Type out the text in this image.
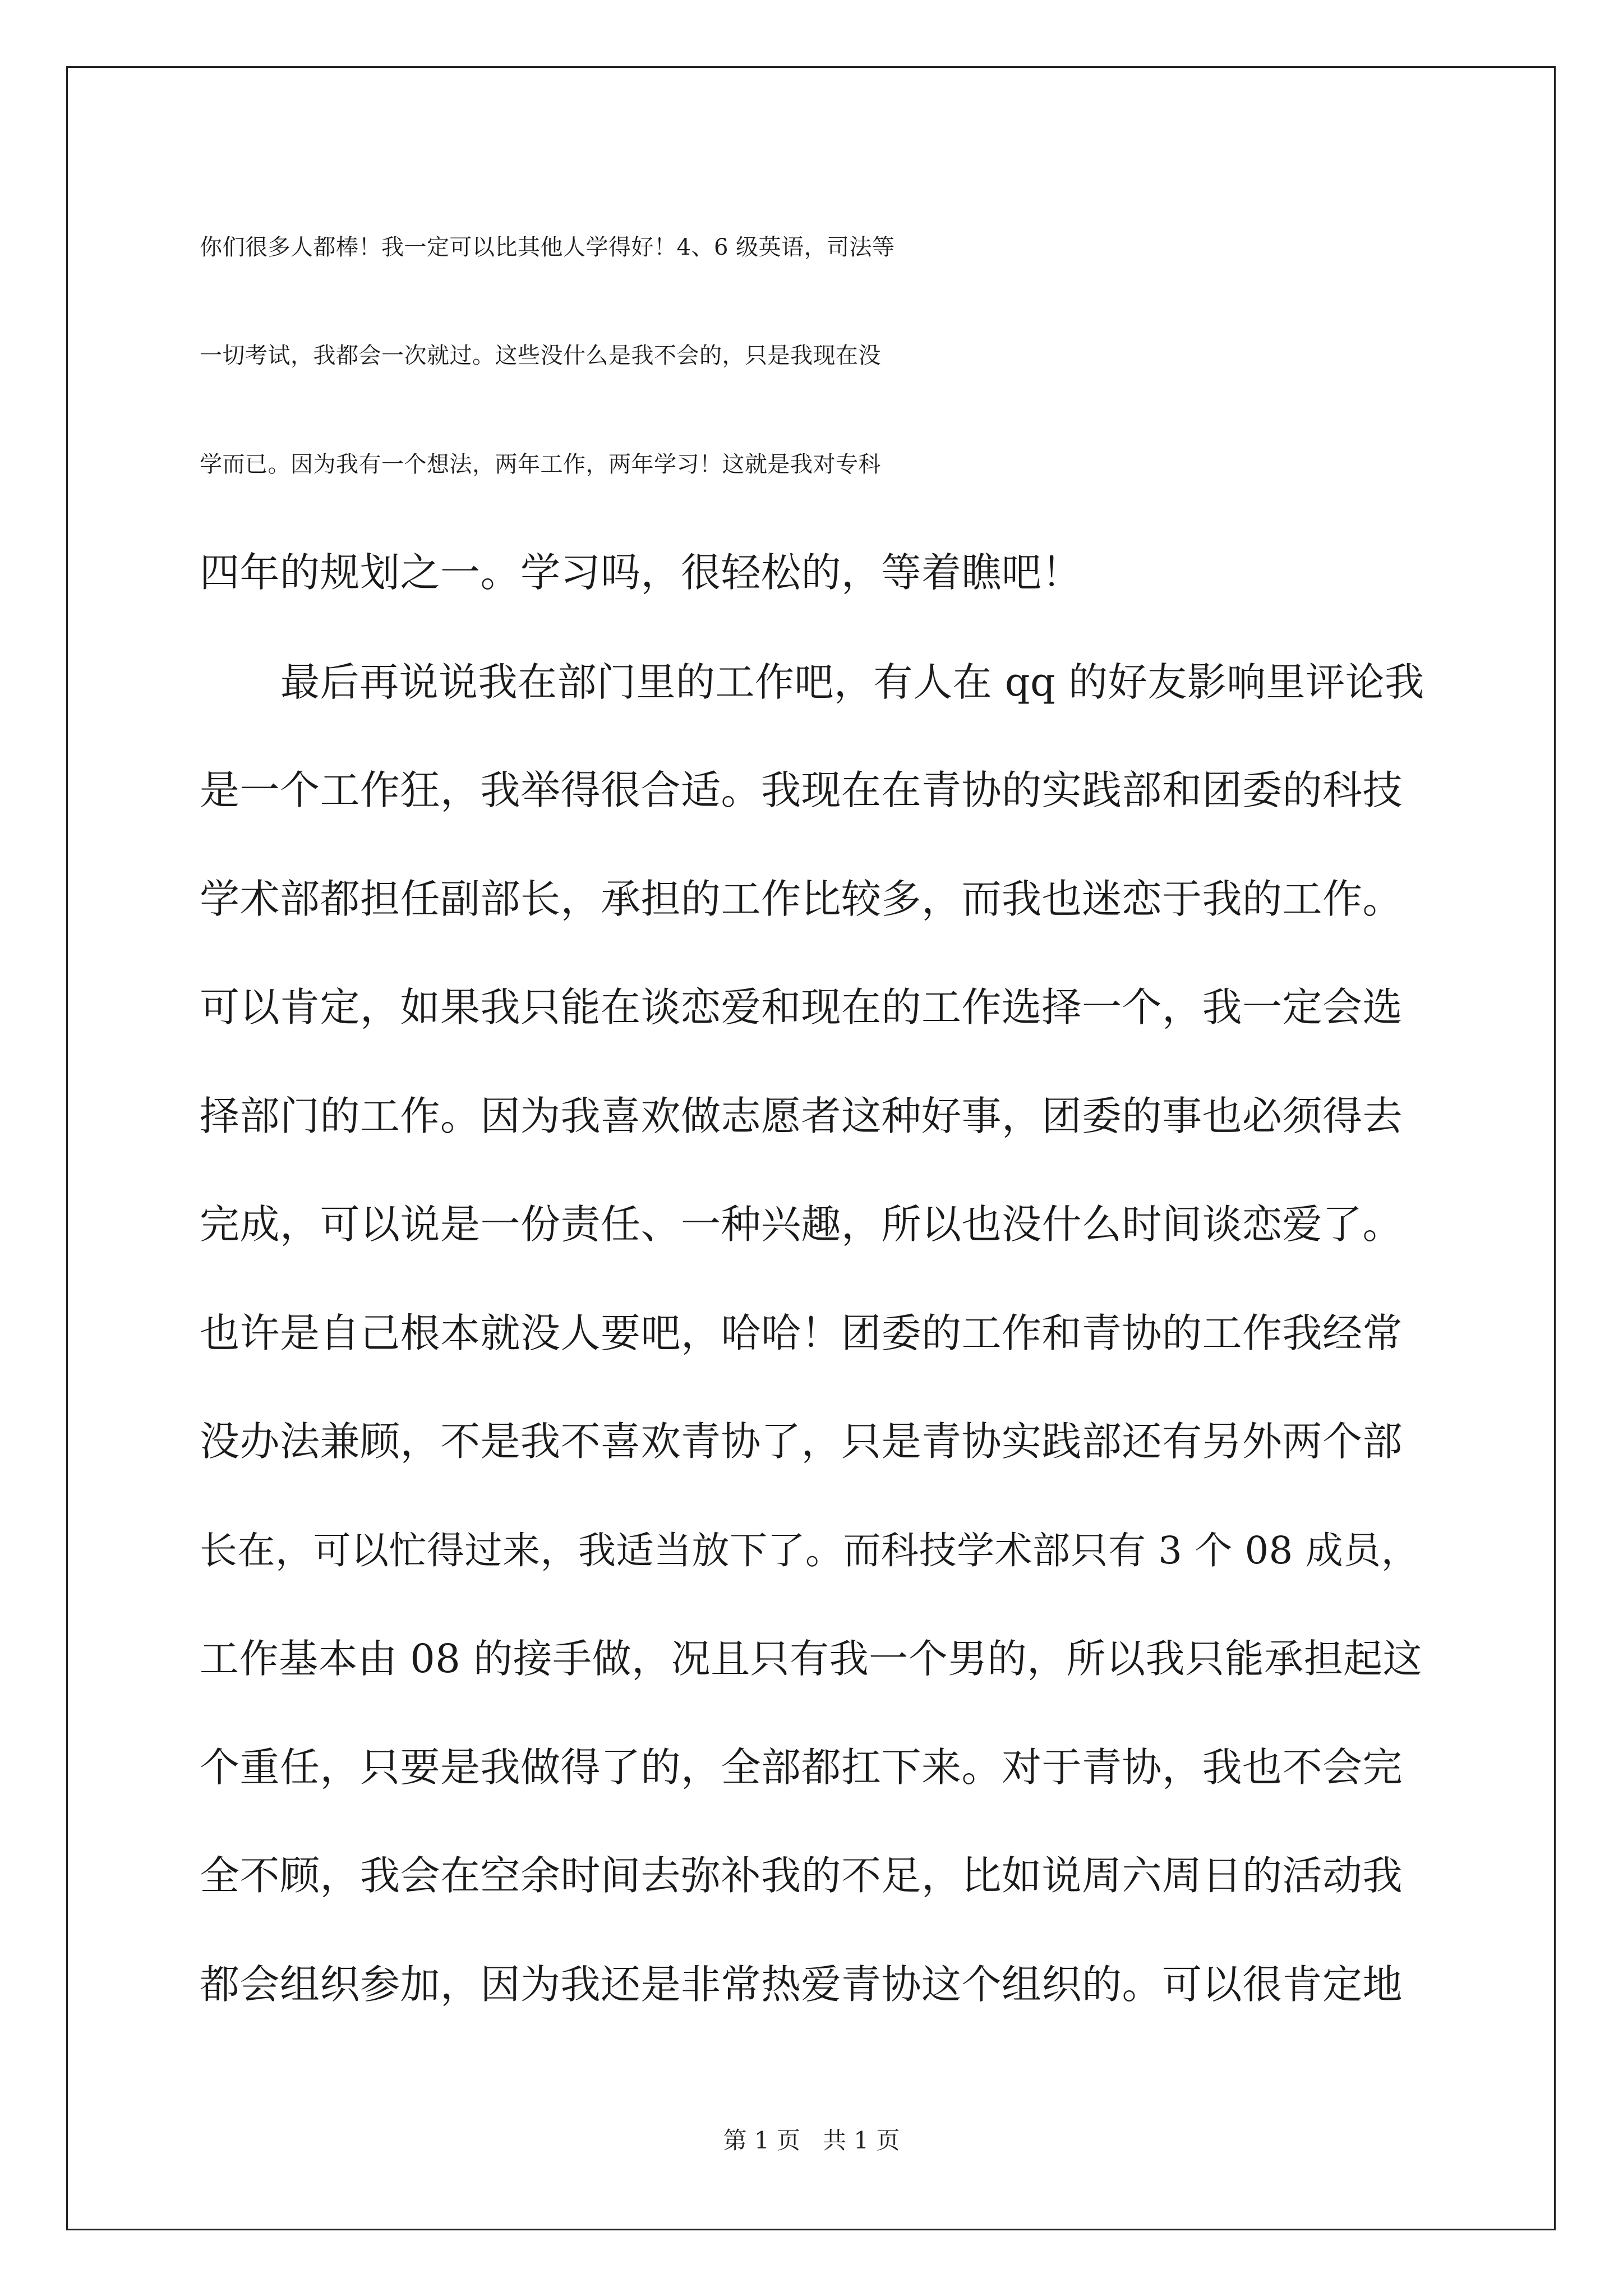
你们很多人都棒！我一定可以比其他人学得好！4、6 级英语，司法等
一切考试，我都会一次就过。这些没什么是我不会的，只是我现在没
学而已。因为我有一个想法，两年工作，两年学习！这就是我对专科
四年的规划之一。学习吗，很轻松的，等着瞧吧！
最后再说说我在部门里的工作吧，有人在 qq 的好友影响里评论我
是一个工作狂，我举得很合适。我现在在青协的实践部和团委的科技
学术部都担任副部长，承担的工作比较多，而我也迷恋于我的工作。
可以肯定，如果我只能在谈恋爱和现在的工作选择一个，我一定会选
择部门的工作。因为我喜欢做志愿者这种好事，团委的事也必须得去
完成，可以说是一份责任、一种兴趣，所以也没什么时间谈恋爱了。
也许是自己根本就没人要吧，哈哈！团委的工作和青协的工作我经常
没办法兼顾，不是我不喜欢青协了，只是青协实践部还有另外两个部
长在，可以忙得过来，我适当放下了。而科技学术部只有 3 个 08 成员，
工作基本由 08 的接手做，况且只有我一个男的，所以我只能承担起这
个重任，只要是我做得了的，全部都扛下来。对于青协，我也不会完
全不顾，我会在空余时间去弥补我的不足，比如说周六周日的活动我
都会组织参加，因为我还是非常热爱青协这个组织的。可以很肯定地
第 1 页 共 1 页
